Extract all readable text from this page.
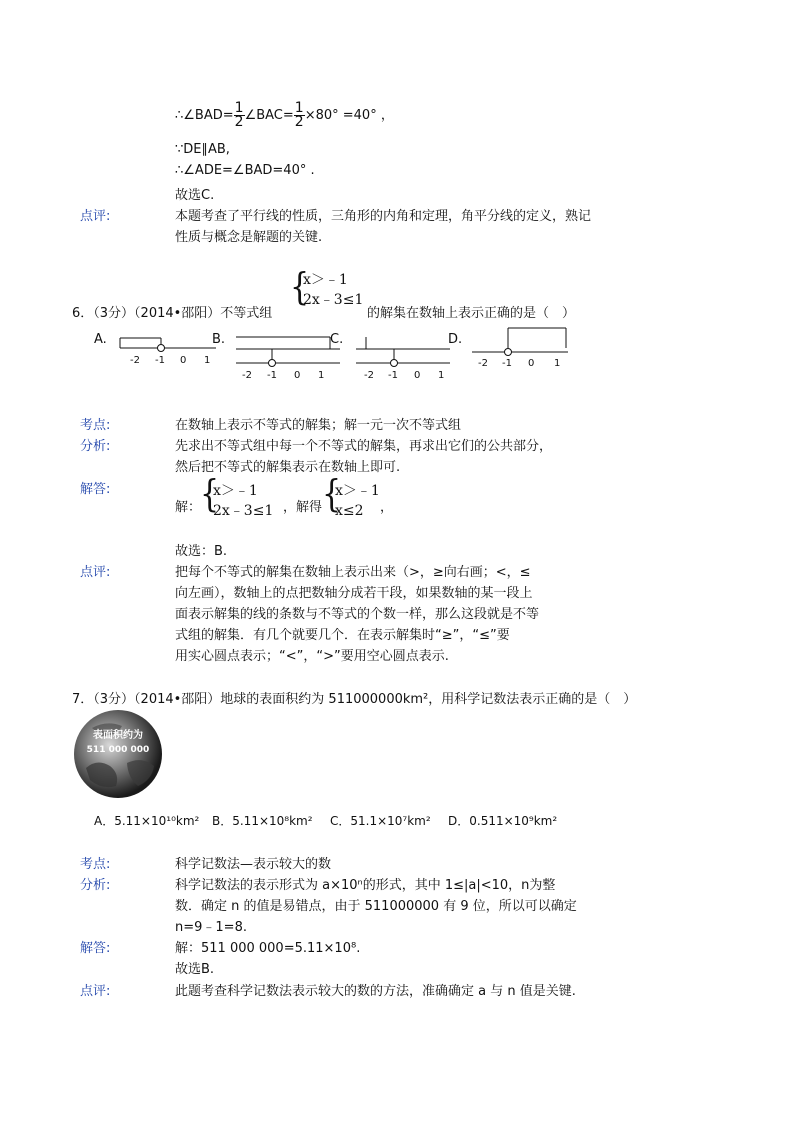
∴∠BAD= $\frac{1}{2}$ ∠BAC= $\frac{1}{2} \times 80^\circ =40^\circ$ ，
∵DE∥AB,
∴∠ADE=∠BAD=40° .
故选C.
点评:	本题考查了平行线的性质，三角形的内角和定理，角平分线的定义，熟记
性质与概念是解题的关键.
6．（3分）（2014•邵阳）不等式组
{
x＞﹣1
2x﹣3≤1
的解集在数轴上表示正确的是（　）
A.
-2 -1 0 1
B.
-2 -1 0 1
C.
-2 -1 0 1
D.
-2 -1 0 1
考点:	在数轴上表示不等式的解集；解一元一次不等式组
分析:	先求出不等式组中每一个不等式的解集，再求出它们的公共部分，
然后把不等式的解集表示在数轴上即可.
解答:
解：
{
x＞﹣1
2x﹣3≤1 ，解得 {
x＞﹣1
x≤2	，
故选：B.
点评:	把每个不等式的解集在数轴上表示出来（>，≥向右画；<，≤
向左画），数轴上的点把数轴分成若干段，如果数轴的某一段上
面表示解集的线的条数与不等式的个数一样，那么这段就是不等
式组的解集．有几个就要几个．在表示解集时“≥”，“≤”要
用实心圆点表示；“<”，“>”要用空心圆点表示.
7．（3分）（2014•邵阳）地球的表面积约为 511000000km²，用科学记数法表示正确的是（　）
表面积约为
511 000 000
A．5.11×10¹⁰km² B．5.11×10⁸km² C．51.1×10⁷km² D．0.511×10⁹km²
考点:	科学记数法—表示较大的数
分析:	科学记数法的表示形式为 a×10ⁿ的形式，其中 1≤|a|<10，n为整
数．确定 n 的值是易错点，由于 511000000 有 9 位，所以可以确定
n=9﹣1=8.
解答:	解：511 000 000=5.11×10⁸.
故选B.
点评:	此题考查科学记数法表示较大的数的方法，准确确定 a 与 n 值是关键.
